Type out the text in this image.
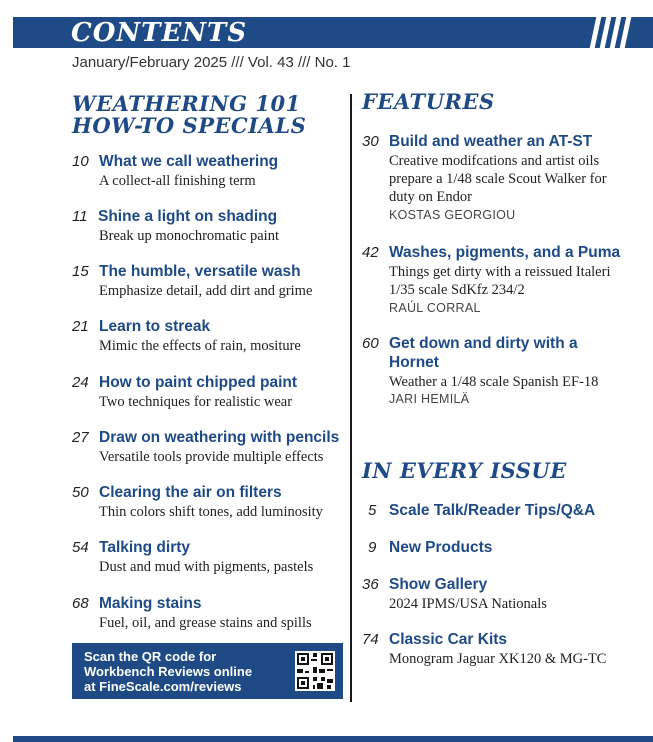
CONTENTS
January/February 2025 /// Vol. 43 /// No. 1
WEATHERING 101
HOW-TO SPECIALS
10 What we call weathering
A collect-all finishing term
11 Shine a light on shading
Break up monochromatic paint
15 The humble, versatile wash
Emphasize detail, add dirt and grime
21 Learn to streak
Mimic the effects of rain, mositure
24 How to paint chipped paint
Two techniques for realistic wear
27 Draw on weathering with pencils
Versatile tools provide multiple effects
50 Clearing the air on filters
Thin colors shift tones, add luminosity
54 Talking dirty
Dust and mud with pigments, pastels
68 Making stains
Fuel, oil, and grease stains and spills
Scan the QR code for
Workbench Reviews online
at FineScale.com/reviews
FEATURES
30 Build and weather an AT-ST
Creative modifcations and artist oils
prepare a 1/48 scale Scout Walker for
duty on Endor
KOSTAS GEORGIOU
42 Washes, pigments, and a Puma
Things get dirty with a reissued Italeri
1/35 scale SdKfz 234/2
RAÚL CORRAL
60 Get down and dirty with a
Hornet
Weather a 1/48 scale Spanish EF-18
JARI HEMILÄ
IN EVERY ISSUE
5 Scale Talk/Reader Tips/Q&A
9 New Products
36 Show Gallery
2024 IPMS/USA Nationals
74 Classic Car Kits
Monogram Jaguar XK120 & MG-TC
